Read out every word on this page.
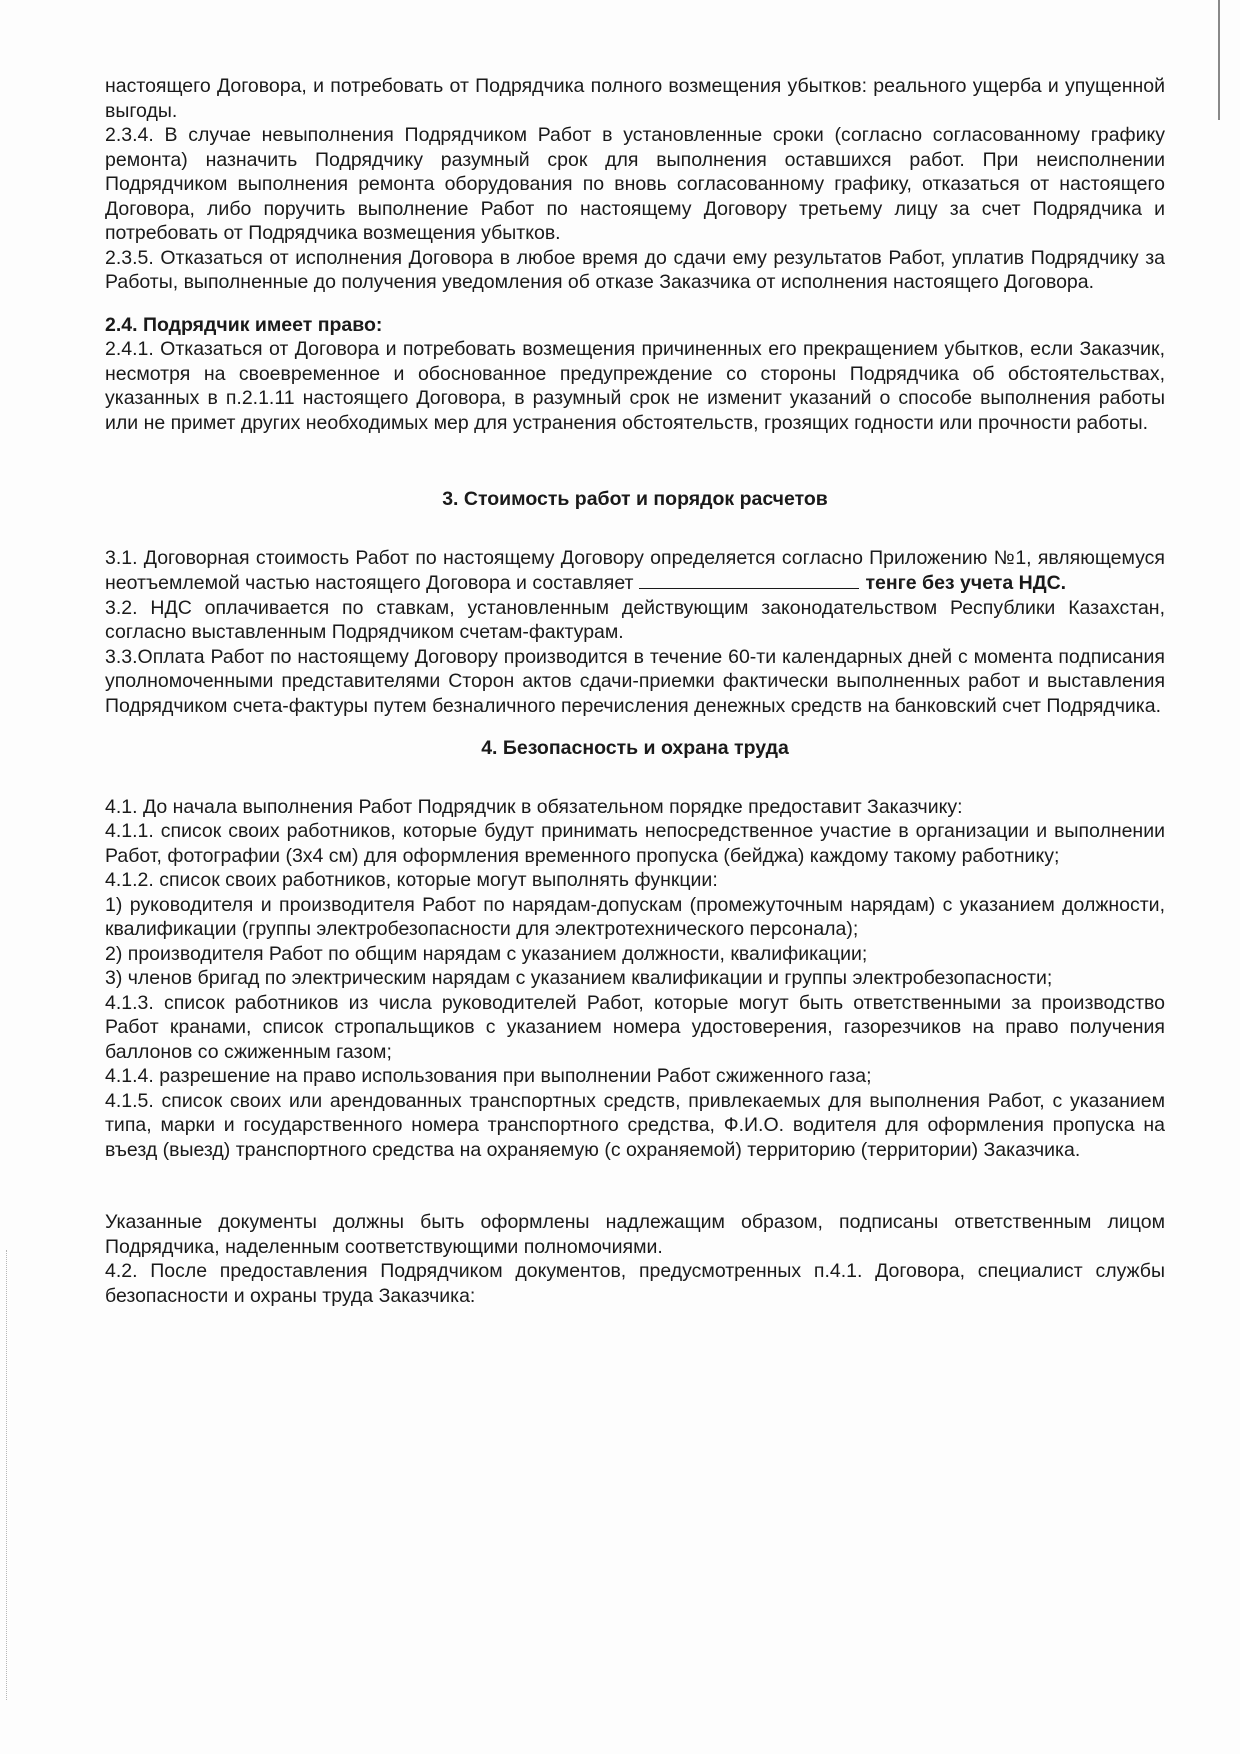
настоящего Договора, и потребовать от Подрядчика полного возмещения убытков: реального ущерба и упущенной выгоды.

2.3.4. В случае невыполнения Подрядчиком Работ в установленные сроки (согласно согласованному графику ремонта) назначить Подрядчику разумный срок для выполнения оставшихся работ. При неисполнении Подрядчиком выполнения ремонта оборудования по вновь согласованному графику, отказаться от настоящего Договора, либо поручить выполнение Работ по настоящему Договору третьему лицу за счет Подрядчика и потребовать от Подрядчика возмещения убытков.

2.3.5. Отказаться от исполнения Договора в любое время до сдачи ему результатов Работ, уплатив Подрядчику за Работы, выполненные до получения уведомления об отказе Заказчика от исполнения настоящего Договора.

2.4. Подрядчик имеет право:

2.4.1. Отказаться от Договора и потребовать возмещения причиненных его прекращением убытков, если Заказчик, несмотря на своевременное и обоснованное предупреждение со стороны Подрядчика об обстоятельствах, указанных в п.2.1.11 настоящего Договора, в разумный срок не изменит указаний о способе выполнения работы или не примет других необходимых мер для устранения обстоятельств, грозящих годности или прочности работы.

3. Стоимость работ и порядок расчетов

3.1. Договорная стоимость Работ по настоящему Договору определяется согласно Приложению №1, являющемуся неотъемлемой частью настоящего Договора и составляет	тенге без учета НДС.

3.2. НДС оплачивается по ставкам, установленным действующим законодательством Республики Казахстан, согласно выставленным Подрядчиком счетам-фактурам.

3.3.Оплата Работ по настоящему Договору производится в течение 60-ти календарных дней с момента подписания уполномоченными представителями Сторон актов сдачи-приемки фактически выполненных работ и выставления Подрядчиком счета-фактуры путем безналичного перечисления денежных средств на банковский счет Подрядчика.

4. Безопасность и охрана труда

4.1. До начала выполнения Работ Подрядчик в обязательном порядке предоставит Заказчику:

4.1.1. список своих работников, которые будут принимать непосредственное участие в организации и выполнении Работ, фотографии (3х4 см) для оформления временного пропуска (бейджа) каждому такому работнику;

4.1.2. список своих работников, которые могут выполнять функции:

1) руководителя и производителя Работ по нарядам-допускам (промежуточным нарядам) с указанием должности, квалификации (группы электробезопасности для электротехнического персонала);

2) производителя Работ по общим нарядам с указанием должности, квалификации;

3) членов бригад по электрическим нарядам с указанием квалификации и группы электробезопасности;

4.1.3. список работников из числа руководителей Работ, которые могут быть ответственными за производство Работ кранами, список стропальщиков с указанием номера удостоверения, газорезчиков на право получения баллонов со сжиженным газом;

4.1.4. разрешение на право использования при выполнении Работ сжиженного газа;

4.1.5. список своих или арендованных транспортных средств, привлекаемых для выполнения Работ, с указанием типа, марки и государственного номера транспортного средства, Ф.И.О. водителя для оформления пропуска на въезд (выезд) транспортного средства на охраняемую (с охраняемой) территорию (территории) Заказчика.

Указанные документы должны быть оформлены надлежащим образом, подписаны ответственным лицом Подрядчика, наделенным соответствующими полномочиями.

4.2. После предоставления Подрядчиком документов, предусмотренных п.4.1. Договора, специалист службы безопасности и охраны труда Заказчика:
